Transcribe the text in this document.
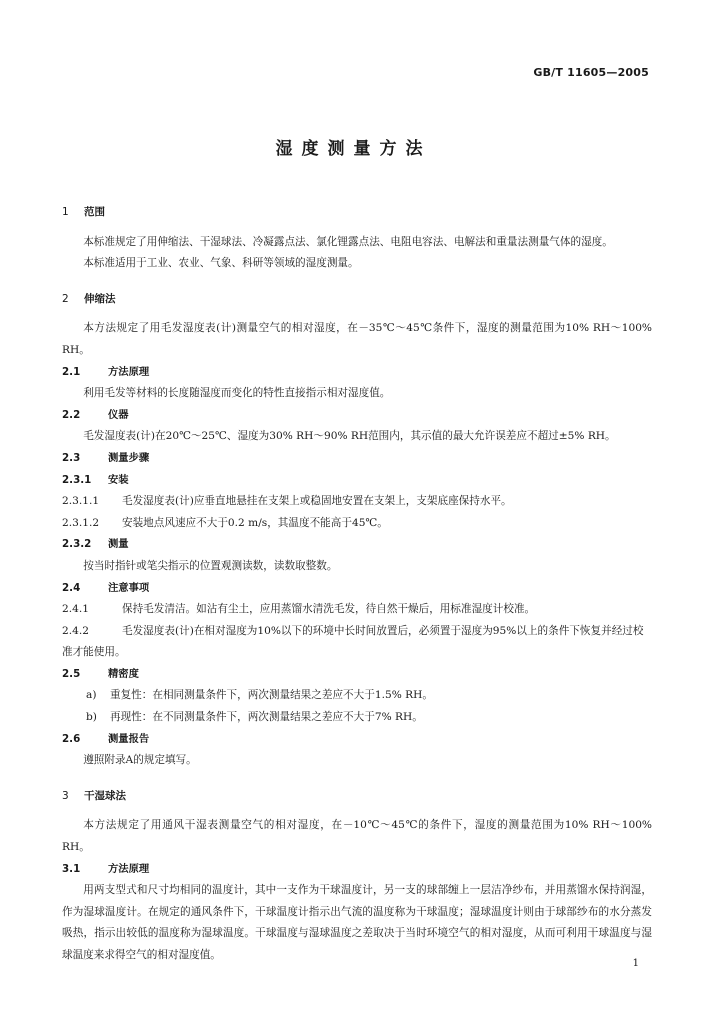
GB/T 11605—2005
湿度测量方法
1 范围
本标准规定了用伸缩法、干湿球法、冷凝露点法、氯化锂露点法、电阻电容法、电解法和重量法测量气体的湿度。
本标准适用于工业、农业、气象、科研等领域的湿度测量。
2 伸缩法
本方法规定了用毛发湿度表(计)测量空气的相对湿度，在－35℃～45℃条件下，湿度的测量范围为10% RH～100% RH。
2.1	方法原理
利用毛发等材料的长度随湿度而变化的特性直接指示相对湿度值。
2.2	仪器
毛发湿度表(计)在20℃～25℃、湿度为30% RH～90% RH范围内，其示值的最大允许误差应不超过±5% RH。
2.3	测量步骤
2.3.1 安装
2.3.1.1 毛发湿度表(计)应垂直地悬挂在支架上或稳固地安置在支架上，支架底座保持水平。
2.3.1.2 安装地点风速应不大于0.2 m/s，其温度不能高于45℃。
2.3.2 测量
按当时指针或笔尖指示的位置观测读数，读数取整数。
2.4	注意事项
2.4.1	保持毛发清洁。如沾有尘土，应用蒸馏水清洗毛发，待自然干燥后，用标准湿度计校准。
2.4.2	毛发湿度表(计)在相对湿度为10%以下的环境中长时间放置后，必须置于湿度为95%以上的条件下恢复并经过校准才能使用。
2.5	精密度
a) 重复性：在相同测量条件下，两次测量结果之差应不大于1.5% RH。
b) 再现性：在不同测量条件下，两次测量结果之差应不大于7% RH。
2.6	测量报告
遵照附录A的规定填写。
3 干湿球法
本方法规定了用通风干湿表测量空气的相对湿度，在－10℃～45℃的条件下，湿度的测量范围为10% RH～100% RH。
3.1	方法原理
用两支型式和尺寸均相同的温度计，其中一支作为干球温度计，另一支的球部缠上一层洁净纱布，并用蒸馏水保持润湿，作为湿球温度计。在规定的通风条件下，干球温度计指示出气流的温度称为干球温度；湿球温度计则由于球部纱布的水分蒸发吸热，指示出较低的温度称为湿球温度。干球温度与湿球温度之差取决于当时环境空气的相对湿度，从而可利用干球温度与湿球温度来求得空气的相对湿度值。
1
